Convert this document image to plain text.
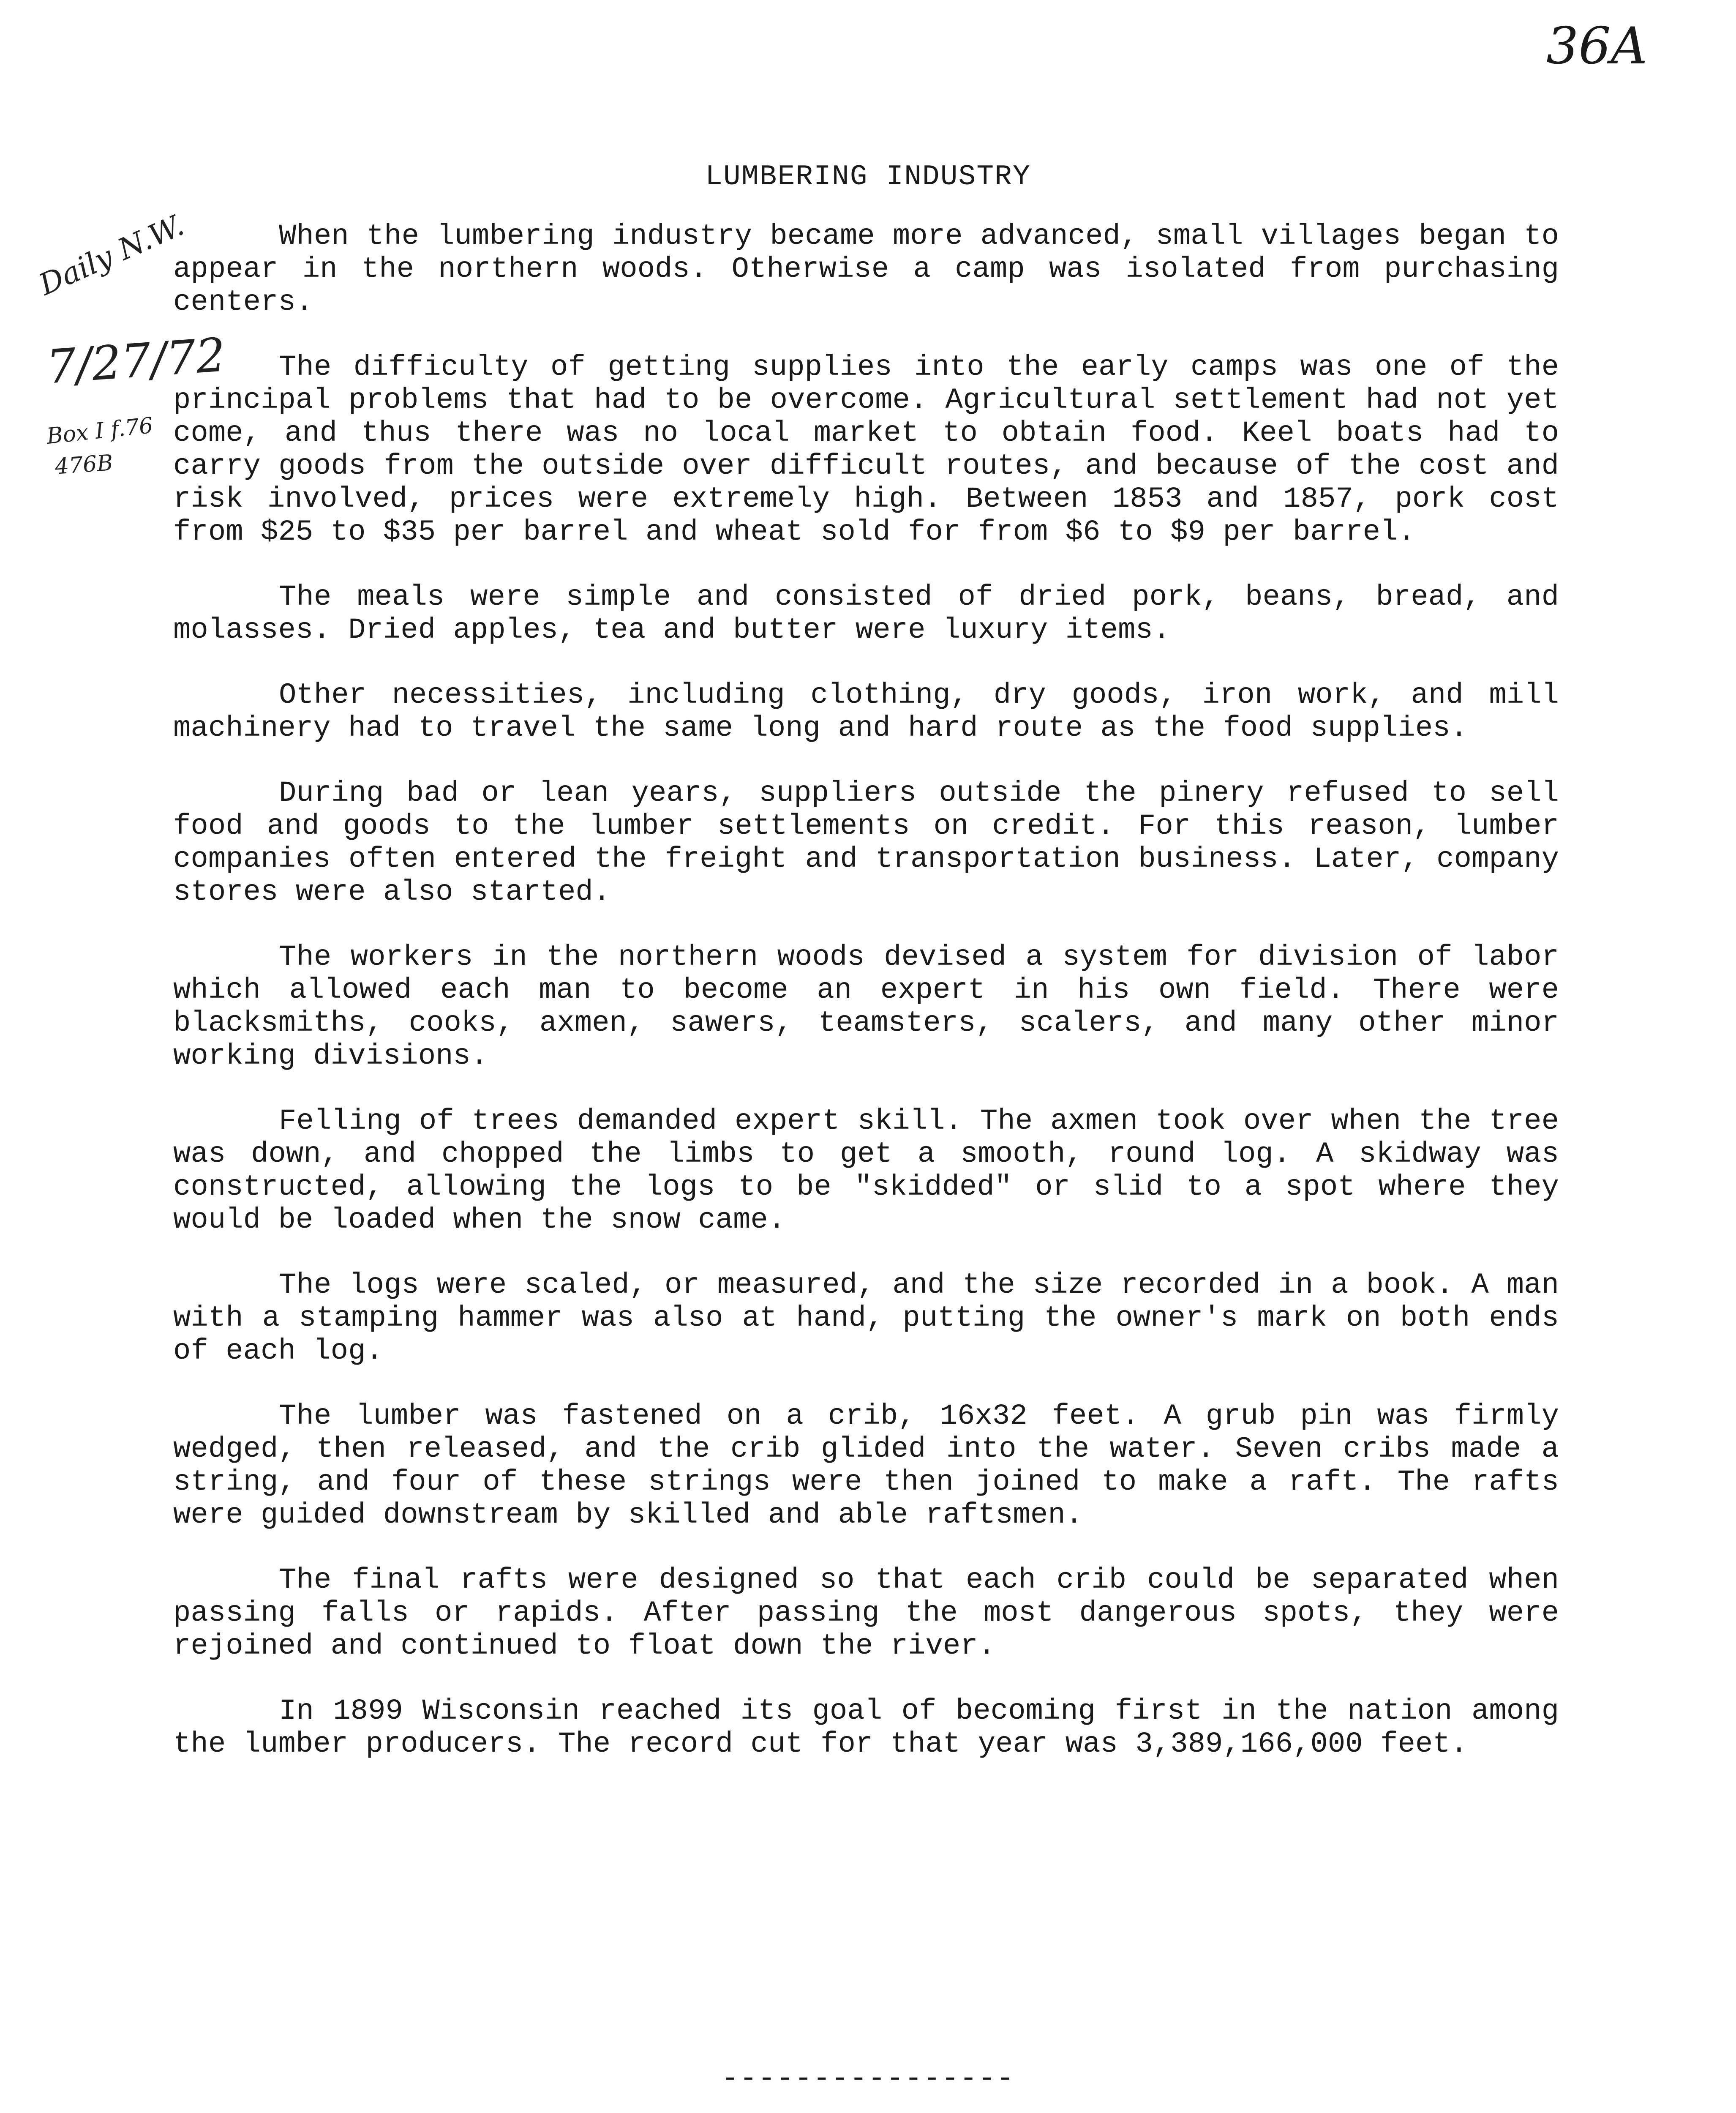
36A
Daily N.W.
7/27/72
Box I f.76
476B
LUMBERING INDUSTRY

When the lumbering industry became more advanced, small villages began to appear in the northern woods. Otherwise a camp was isolated from purchasing centers.

The difficulty of getting supplies into the early camps was one of the principal problems that had to be overcome. Agricultural settlement had not yet come, and thus there was no local market to obtain food. Keel boats had to carry goods from the outside over difficult routes, and because of the cost and risk involved, prices were extremely high. Between 1853 and 1857, pork cost from $25 to $35 per barrel and wheat sold for from $6 to $9 per barrel.

The meals were simple and consisted of dried pork, beans, bread, and molasses. Dried apples, tea and butter were luxury items.

Other necessities, including clothing, dry goods, iron work, and mill machinery had to travel the same long and hard route as the food supplies.

During bad or lean years, suppliers outside the pinery refused to sell food and goods to the lumber settlements on credit. For this reason, lumber companies often entered the freight and transportation business. Later, company stores were also started.

The workers in the northern woods devised a system for division of labor which allowed each man to become an expert in his own field. There were blacksmiths, cooks, axmen, sawers, teamsters, scalers, and many other minor working divisions.

Felling of trees demanded expert skill. The axmen took over when the tree was down, and chopped the limbs to get a smooth, round log. A skidway was constructed, allowing the logs to be "skidded" or slid to a spot where they would be loaded when the snow came.

The logs were scaled, or measured, and the size recorded in a book. A man with a stamping hammer was also at hand, putting the owner's mark on both ends of each log.

The lumber was fastened on a crib, 16x32 feet. A grub pin was firmly wedged, then released, and the crib glided into the water. Seven cribs made a string, and four of these strings were then joined to make a raft. The rafts were guided downstream by skilled and able raftsmen.

The final rafts were designed so that each crib could be separated when passing falls or rapids. After passing the most dangerous spots, they were rejoined and continued to float down the river.

In 1899 Wisconsin reached its goal of becoming first in the nation among the lumber producers. The record cut for that year was 3,389,166,000 feet.

----------------
